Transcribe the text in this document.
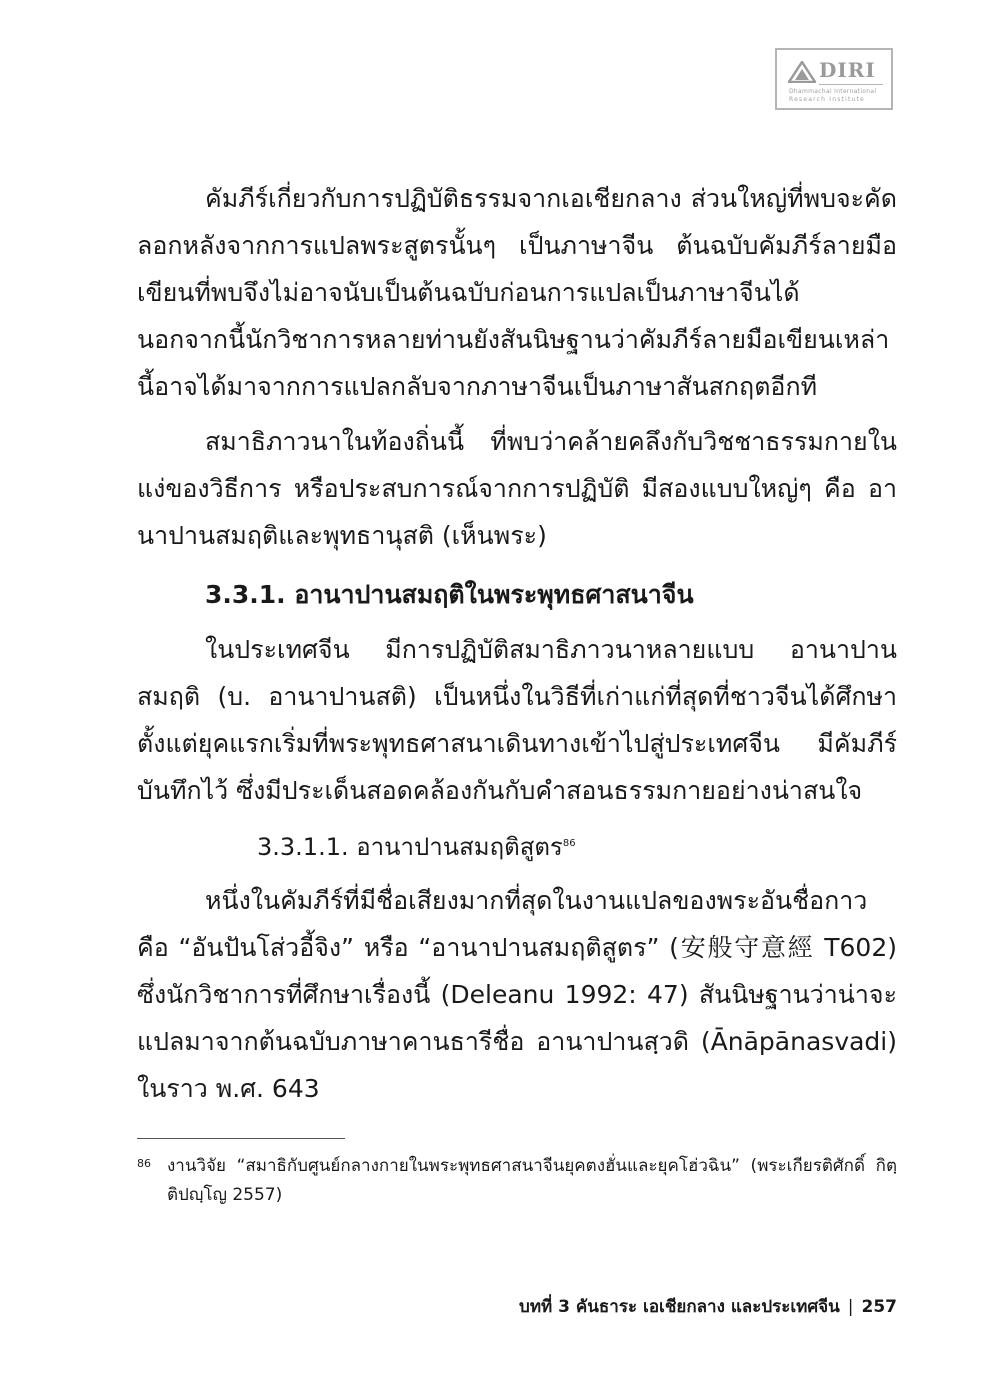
DIRI
Dhammachai International
Research Institute

คัมภีร์เกี่ยวกับการปฏิบัติธรรมจากเอเชียกลาง ส่วนใหญ่ที่พบจะคัดลอกหลังจากการแปลพระสูตรนั้นๆ เป็นภาษาจีน ต้นฉบับคัมภีร์ลายมือเขียนที่พบจึงไม่อาจนับเป็นต้นฉบับก่อนการแปลเป็นภาษาจีนได้ นอกจากนี้นักวิชาการหลายท่านยังสันนิษฐานว่าคัมภีร์ลายมือเขียนเหล่านี้อาจได้มาจากการแปลกลับจากภาษาจีนเป็นภาษาสันสกฤตอีกที

สมาธิภาวนาในท้องถิ่นนี้ ที่พบว่าคล้ายคลึงกับวิชชาธรรมกายในแง่ของวิธีการ หรือประสบการณ์จากการปฏิบัติ มีสองแบบใหญ่ๆ คือ อานาปานสมฤติและพุทธานุสติ (เห็นพระ)

3.3.1. อานาปานสมฤติในพระพุทธศาสนาจีน

ในประเทศจีน มีการปฏิบัติสมาธิภาวนาหลายแบบ อานาปานสมฤติ (บ. อานาปานสติ) เป็นหนึ่งในวิธีที่เก่าแก่ที่สุดที่ชาวจีนได้ศึกษาตั้งแต่ยุคแรกเริ่มที่พระพุทธศาสนาเดินทางเข้าไปสู่ประเทศจีน มีคัมภีร์บันทึกไว้ ซึ่งมีประเด็นสอดคล้องกันกับคำสอนธรรมกายอย่างน่าสนใจ

3.3.1.1. อานาปานสมฤติสูตร$^{86}$

หนึ่งในคัมภีร์ที่มีชื่อเสียงมากที่สุดในงานแปลของพระอันชื่อกาว คือ “อันปันโส่วอี้จิง” หรือ “อานาปานสมฤติสูตร” (安般守意經 T602) ซึ่งนักวิชาการที่ศึกษาเรื่องนี้ (Deleanu 1992: 47) สันนิษฐานว่าน่าจะแปลมาจากต้นฉบับภาษาคานธารีชื่อ อานาปานสฺวดิ (Ānāpānasvadi) ในราว พ.ศ. 643

86 งานวิจัย “สมาธิกับศูนย์กลางกายในพระพุทธศาสนาจีนยุคตงฮั่นและยุคโฮ่วฉิน” (พระเกียรติศักดิ์ กิตฺติปญฺโญ 2557)
บทที่ 3 คันธาระ เอเชียกลาง และประเทศจีน | 257
